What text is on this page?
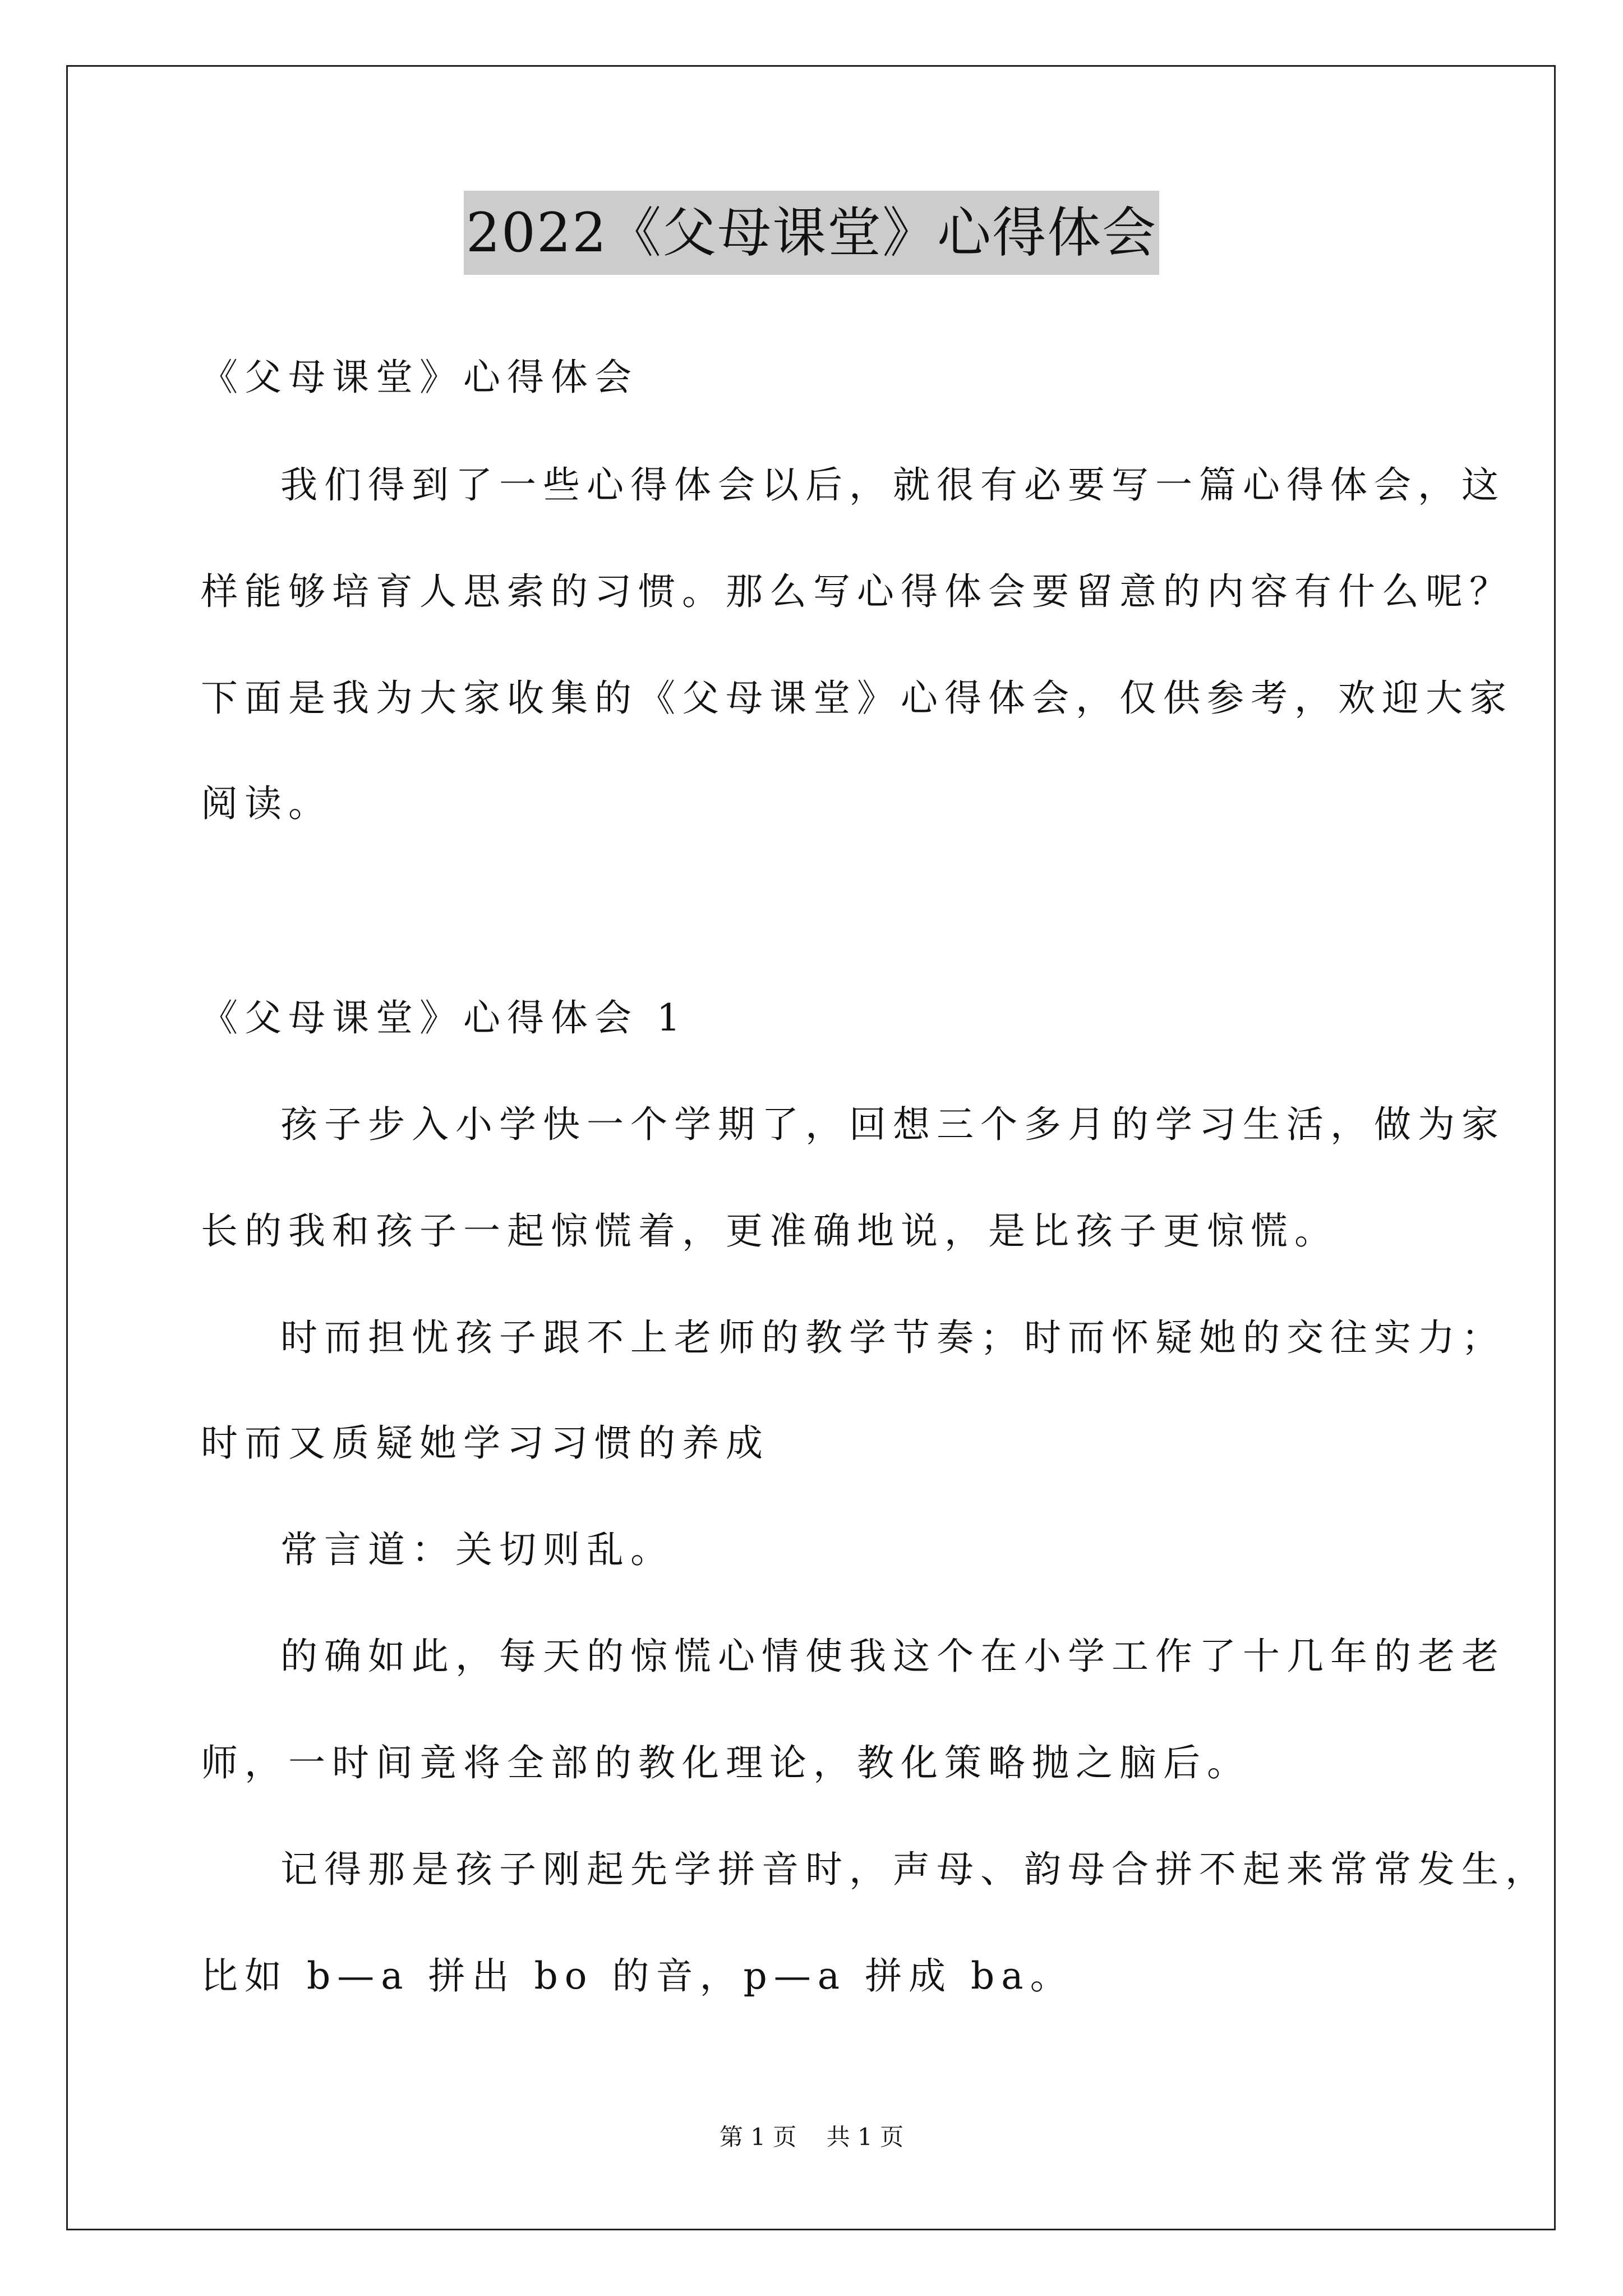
2022《父母课堂》心得体会
《父母课堂》心得体会
我们得到了一些心得体会以后，就很有必要写一篇心得体会，这
样能够培育人思索的习惯。那么写心得体会要留意的内容有什么呢？
下面是我为大家收集的《父母课堂》心得体会，仅供参考，欢迎大家
阅读。
《父母课堂》心得体会 1
孩子步入小学快一个学期了，回想三个多月的学习生活，做为家
长的我和孩子一起惊慌着，更准确地说，是比孩子更惊慌。
时而担忧孩子跟不上老师的教学节奏；时而怀疑她的交往实力；
时而又质疑她学习习惯的养成
常言道：关切则乱。
的确如此，每天的惊慌心情使我这个在小学工作了十几年的老老
师，一时间竟将全部的教化理论，教化策略抛之脑后。
记得那是孩子刚起先学拼音时，声母、韵母合拼不起来常常发生，
比如 b—a 拼出 bo 的音，p—a 拼成 ba。
第 1 页 共 1 页
